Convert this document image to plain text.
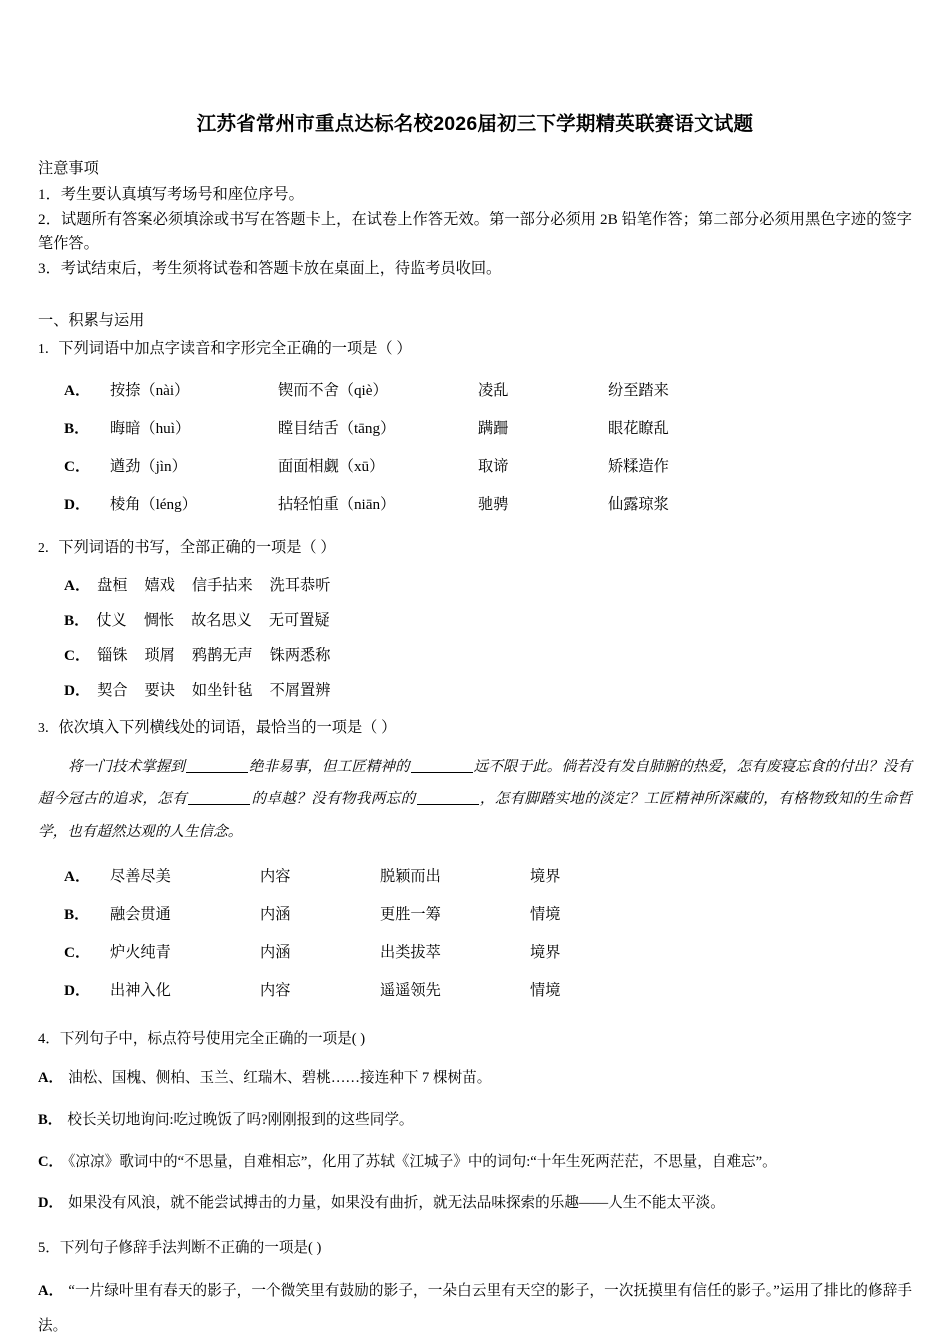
江苏省常州市重点达标名校2026届初三下学期精英联赛语文试题
注意事项
1．考生要认真填写考场号和座位序号。
2．试题所有答案必须填涂或书写在答题卡上，在试卷上作答无效。第一部分必须用 2B 铅笔作答；第二部分必须用黑色字迹的签字笔作答。
3．考试结束后，考生须将试卷和答题卡放在桌面上，待监考员收回。
一、积累与运用
1．下列词语中加点字读音和字形完全正确的一项是（ ）
A．	按捺（nài）	锲而不舍（qiè）	凌乱	纷至踏来
B．	晦暗（huì）	瞠目结舌（tāng）	蹒跚	眼花瞭乱
C．	遒劲（jìn）	面面相觑（xū）	取谛	矫糅造作
D．	棱角（léng）	拈轻怕重（niān）	驰骋	仙露琼浆
2．下列词语的书写，全部正确的一项是（ ）
A． 盘桓 嬉戏 信手拈来 洗耳恭听
B． 仗义 惆怅 故名思义 无可置疑
C． 锱铢 琐屑 鸦鹊无声 铢两悉称
D． 契合 要诀 如坐针毡 不屑置辨
3．依次填入下列横线处的词语，最恰当的一项是（ ）
将一门技术掌握到	绝非易事，但工匠精神的	远不限于此。倘若没有发自肺腑的热爱，怎有废寝忘食的付出？没有超今冠古的追求，怎有	的卓越？没有物我两忘的	，怎有脚踏实地的淡定？工匠精神所深藏的，有格物致知的生命哲学，也有超然达观的人生信念。
A．	尽善尽美	内容	脱颖而出	境界
B．	融会贯通	内涵	更胜一筹	情境
C．	炉火纯青	内涵	出类拔萃	境界
D．	出神入化	内容	遥遥领先	情境
4．下列句子中，标点符号使用完全正确的一项是( )
A． 油松、国槐、侧柏、玉兰、红瑞木、碧桃……接连种下 7 棵树苗。
B． 校长关切地询问:吃过晚饭了吗?刚刚报到的这些同学。
C． 《凉凉》歌词中的“不思量，自难相忘”，化用了苏轼《江城子》中的词句:“十年生死两茫茫，不思量，自难忘”。
D． 如果没有风浪，就不能尝试搏击的力量，如果没有曲折，就无法品味探索的乐趣——人生不能太平淡。
5．下列句子修辞手法判断不正确的一项是( )
A． “一片绿叶里有春天的影子，一个微笑里有鼓励的影子，一朵白云里有天空的影子，一次抚摸里有信任的影子。”运用了排比的修辞手法。
